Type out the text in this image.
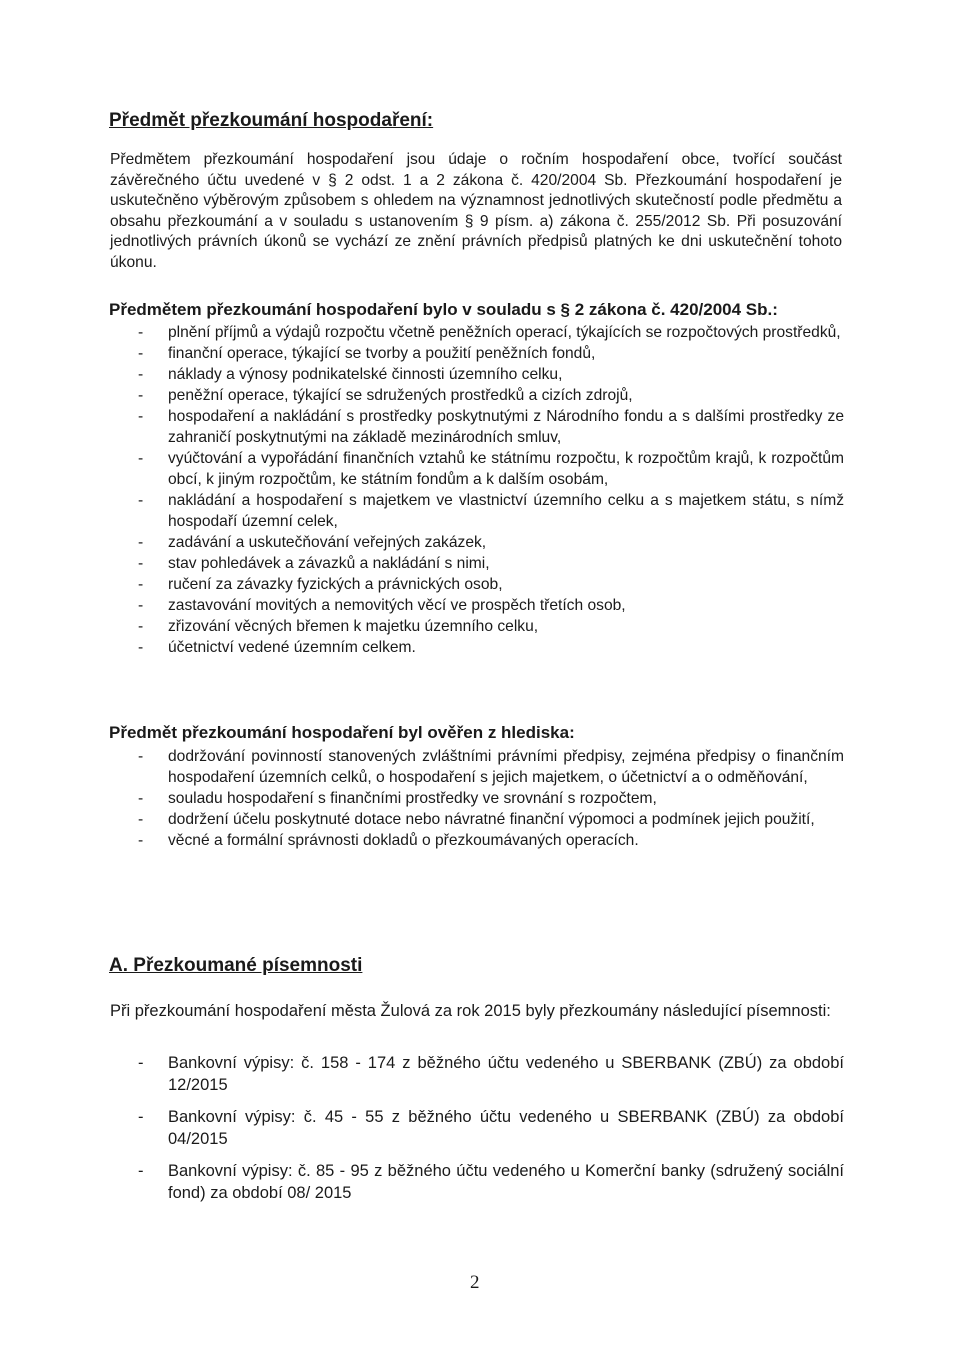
Předmět přezkoumání hospodaření:

Předmětem přezkoumání hospodaření jsou údaje o ročním hospodaření obce, tvořící součást závěrečného účtu uvedené v § 2 odst. 1 a 2 zákona č. 420/2004 Sb. Přezkoumání hospodaření je uskutečněno výběrovým způsobem s ohledem na významnost jednotlivých skutečností podle předmětu a obsahu přezkoumání a v souladu s ustanovením § 9 písm. a) zákona č. 255/2012 Sb. Při posuzování jednotlivých právních úkonů se vychází ze znění právních předpisů platných ke dni uskutečnění tohoto úkonu.

Předmětem přezkoumání hospodaření bylo v souladu s § 2 zákona č. 420/2004 Sb.:
- plnění příjmů a výdajů rozpočtu včetně peněžních operací, týkajících se rozpočtových prostředků,
- finanční operace, týkající se tvorby a použití peněžních fondů,
- náklady a výnosy podnikatelské činnosti územního celku,
- peněžní operace, týkající se sdružených prostředků a cizích zdrojů,
- hospodaření a nakládání s prostředky poskytnutými z Národního fondu a s dalšími prostředky ze zahraničí poskytnutými na základě mezinárodních smluv,
- vyúčtování a vypořádání finančních vztahů ke státnímu rozpočtu, k rozpočtům krajů, k rozpočtům obcí, k jiným rozpočtům, ke státním fondům a k dalším osobám,
- nakládání a hospodaření s majetkem ve vlastnictví územního celku a s majetkem státu, s nímž hospodaří územní celek,
- zadávání a uskutečňování veřejných zakázek,
- stav pohledávek a závazků a nakládání s nimi,
- ručení za závazky fyzických a právnických osob,
- zastavování movitých a nemovitých věcí ve prospěch třetích osob,
- zřizování věcných břemen k majetku územního celku,
- účetnictví vedené územním celkem.
Předmět přezkoumání hospodaření byl ověřen z hlediska:
- dodržování povinností stanovených zvláštními právními předpisy, zejména předpisy o finančním hospodaření územních celků, o hospodaření s jejich majetkem, o účetnictví a o odměňování,
- souladu hospodaření s finančními prostředky ve srovnání s rozpočtem,
- dodržení účelu poskytnuté dotace nebo návratné finanční výpomoci a podmínek jejich použití,
- věcné a formální správnosti dokladů o přezkoumávaných operacích.
A. Přezkoumané písemnosti

Při přezkoumání hospodaření města Žulová za rok 2015 byly přezkoumány následující písemnosti:

- Bankovní výpisy: č. 158 - 174 z běžného účtu vedeného u SBERBANK (ZBÚ) za období 12/2015
- Bankovní výpisy: č. 45 - 55 z běžného účtu vedeného u SBERBANK (ZBÚ) za období 04/2015
- Bankovní výpisy: č. 85 - 95 z běžného účtu vedeného u Komerční banky (sdružený sociální fond) za období 08/ 2015
2
